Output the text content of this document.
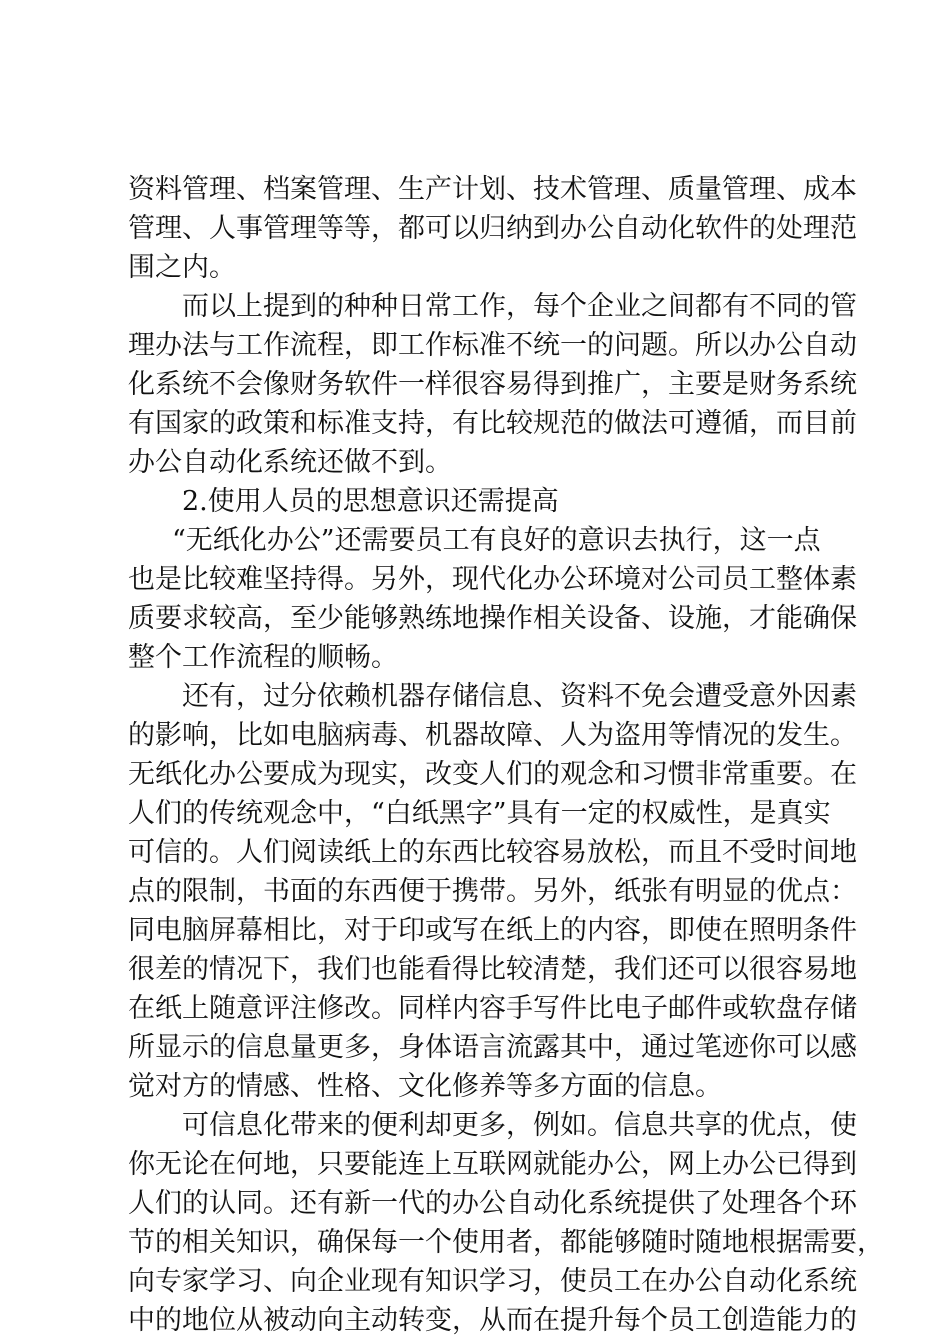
资料管理、档案管理、生产计划、技术管理、质量管理、成本
管理、人事管理等等，都可以归纳到办公自动化软件的处理范
围之内。
而以上提到的种种日常工作，每个企业之间都有不同的管
理办法与工作流程，即工作标准不统一的问题。所以办公自动
化系统不会像财务软件一样很容易得到推广，主要是财务系统
有国家的政策和标准支持，有比较规范的做法可遵循，而目前
办公自动化系统还做不到。
2.使用人员的思想意识还需提高
“无纸化办公”还需要员工有良好的意识去执行，这一点
也是比较难坚持得。另外，现代化办公环境对公司员工整体素
质要求较高，至少能够熟练地操作相关设备、设施，才能确保
整个工作流程的顺畅。
还有，过分依赖机器存储信息、资料不免会遭受意外因素
的影响，比如电脑病毒、机器故障、人为盗用等情况的发生。
无纸化办公要成为现实，改变人们的观念和习惯非常重要。在
人们的传统观念中，“白纸黑字”具有一定的权威性，是真实
可信的。人们阅读纸上的东西比较容易放松，而且不受时间地
点的限制，书面的东西便于携带。另外，纸张有明显的优点：
同电脑屏幕相比，对于印或写在纸上的内容，即使在照明条件
很差的情况下，我们也能看得比较清楚，我们还可以很容易地
在纸上随意评注修改。同样内容手写件比电子邮件或软盘存储
所显示的信息量更多，身体语言流露其中，通过笔迹你可以感
觉对方的情感、性格、文化修养等多方面的信息。
可信息化带来的便利却更多，例如。信息共享的优点，使
你无论在何地，只要能连上互联网就能办公，网上办公已得到
人们的认同。还有新一代的办公自动化系统提供了处理各个环
节的相关知识，确保每一个使用者，都能够随时随地根据需要，
向专家学习、向企业现有知识学习，使员工在办公自动化系统
中的地位从被动向主动转变，从而在提升每个员工创造能力的
